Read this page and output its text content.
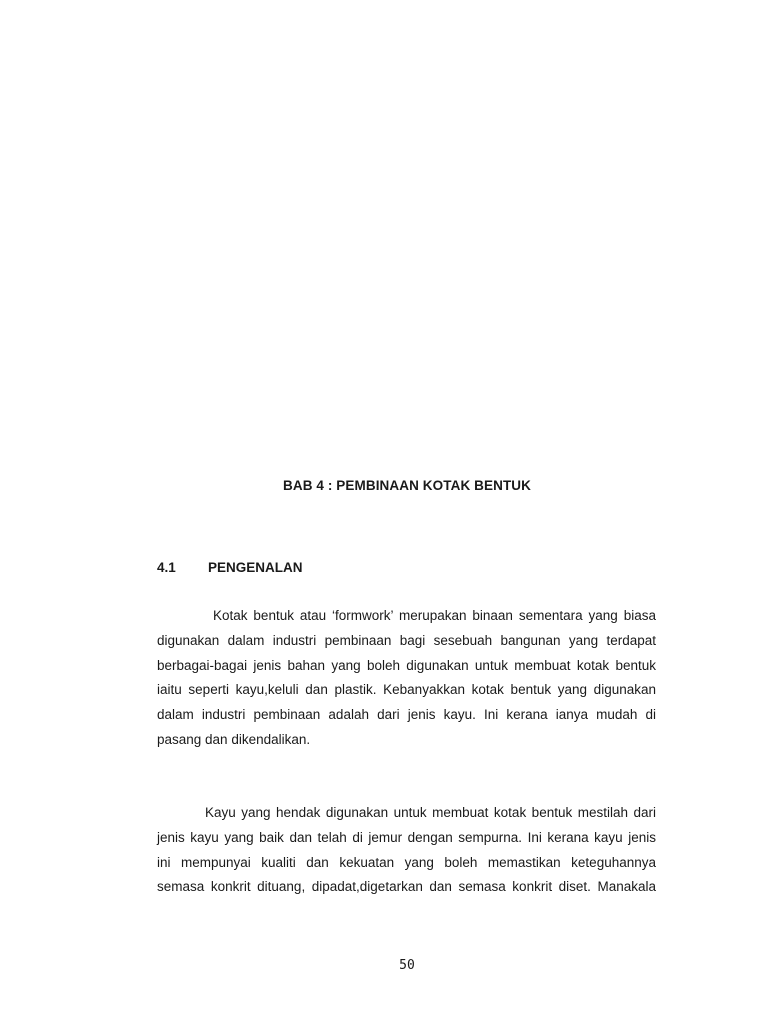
BAB 4 : PEMBINAAN KOTAK BENTUK
4.1 PENGENALAN
Kotak bentuk atau ‘formwork’ merupakan binaan sementara yang biasa
digunakan dalam industri pembinaan bagi sesebuah bangunan yang terdapat
berbagai-bagai jenis bahan yang boleh digunakan untuk membuat kotak bentuk
iaitu seperti kayu,keluli dan plastik. Kebanyakkan kotak bentuk yang digunakan
dalam industri pembinaan adalah dari jenis kayu. Ini kerana ianya mudah di
pasang dan dikendalikan.
Kayu yang hendak digunakan untuk membuat kotak bentuk mestilah dari
jenis kayu yang baik dan telah di jemur dengan sempurna. Ini kerana kayu jenis
ini mempunyai kualiti dan kekuatan yang boleh memastikan keteguhannya
semasa konkrit dituang, dipadat,digetarkan dan semasa konkrit diset. Manakala

50
